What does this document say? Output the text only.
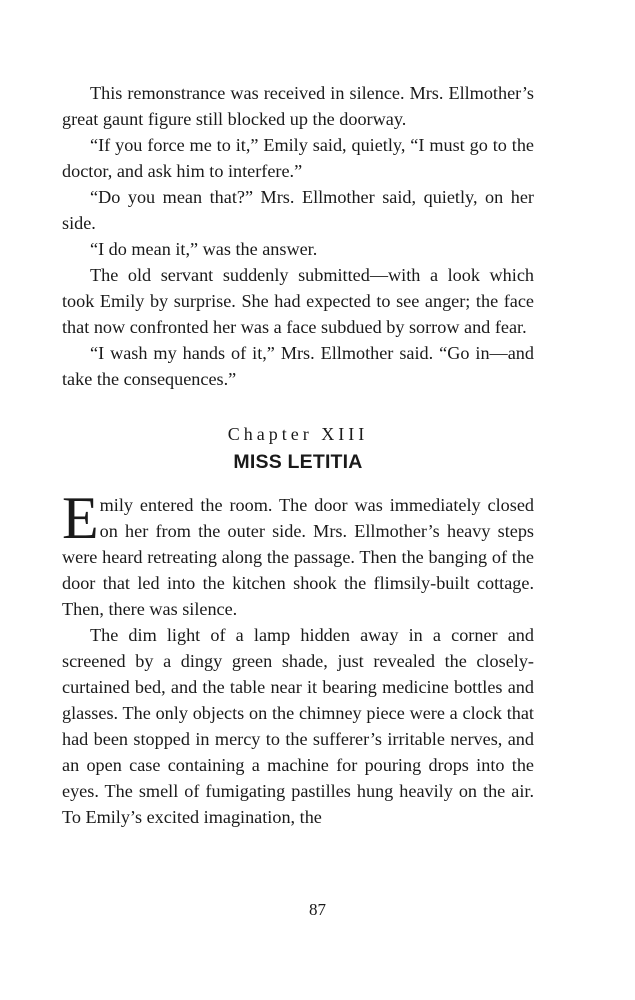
This remonstrance was received in silence. Mrs. Ellmother’s great gaunt figure still blocked up the doorway.

“If you force me to it,” Emily said, quietly, “I must go to the doctor, and ask him to interfere.”

“Do you mean that?” Mrs. Ellmother said, quietly, on her side.

“I do mean it,” was the answer.

The old servant suddenly submitted—with a look which took Emily by surprise. She had expected to see anger; the face that now confronted her was a face subdued by sorrow and fear.

“I wash my hands of it,” Mrs. Ellmother said. “Go in—and take the consequences.”

Chapter XIII
MISS LETITIA

Emily entered the room. The door was immediately closed on her from the outer side. Mrs. Ellmother’s heavy steps were heard retreating along the passage. Then the banging of the door that led into the kitchen shook the flimsily-built cottage. Then, there was silence.

The dim light of a lamp hidden away in a corner and screened by a dingy green shade, just revealed the closely-curtained bed, and the table near it bearing medicine bottles and glasses. The only objects on the chimney piece were a clock that had been stopped in mercy to the sufferer’s irritable nerves, and an open case containing a machine for pouring drops into the eyes. The smell of fumigating pastilles hung heavily on the air. To Emily’s excited imagination, the

87
